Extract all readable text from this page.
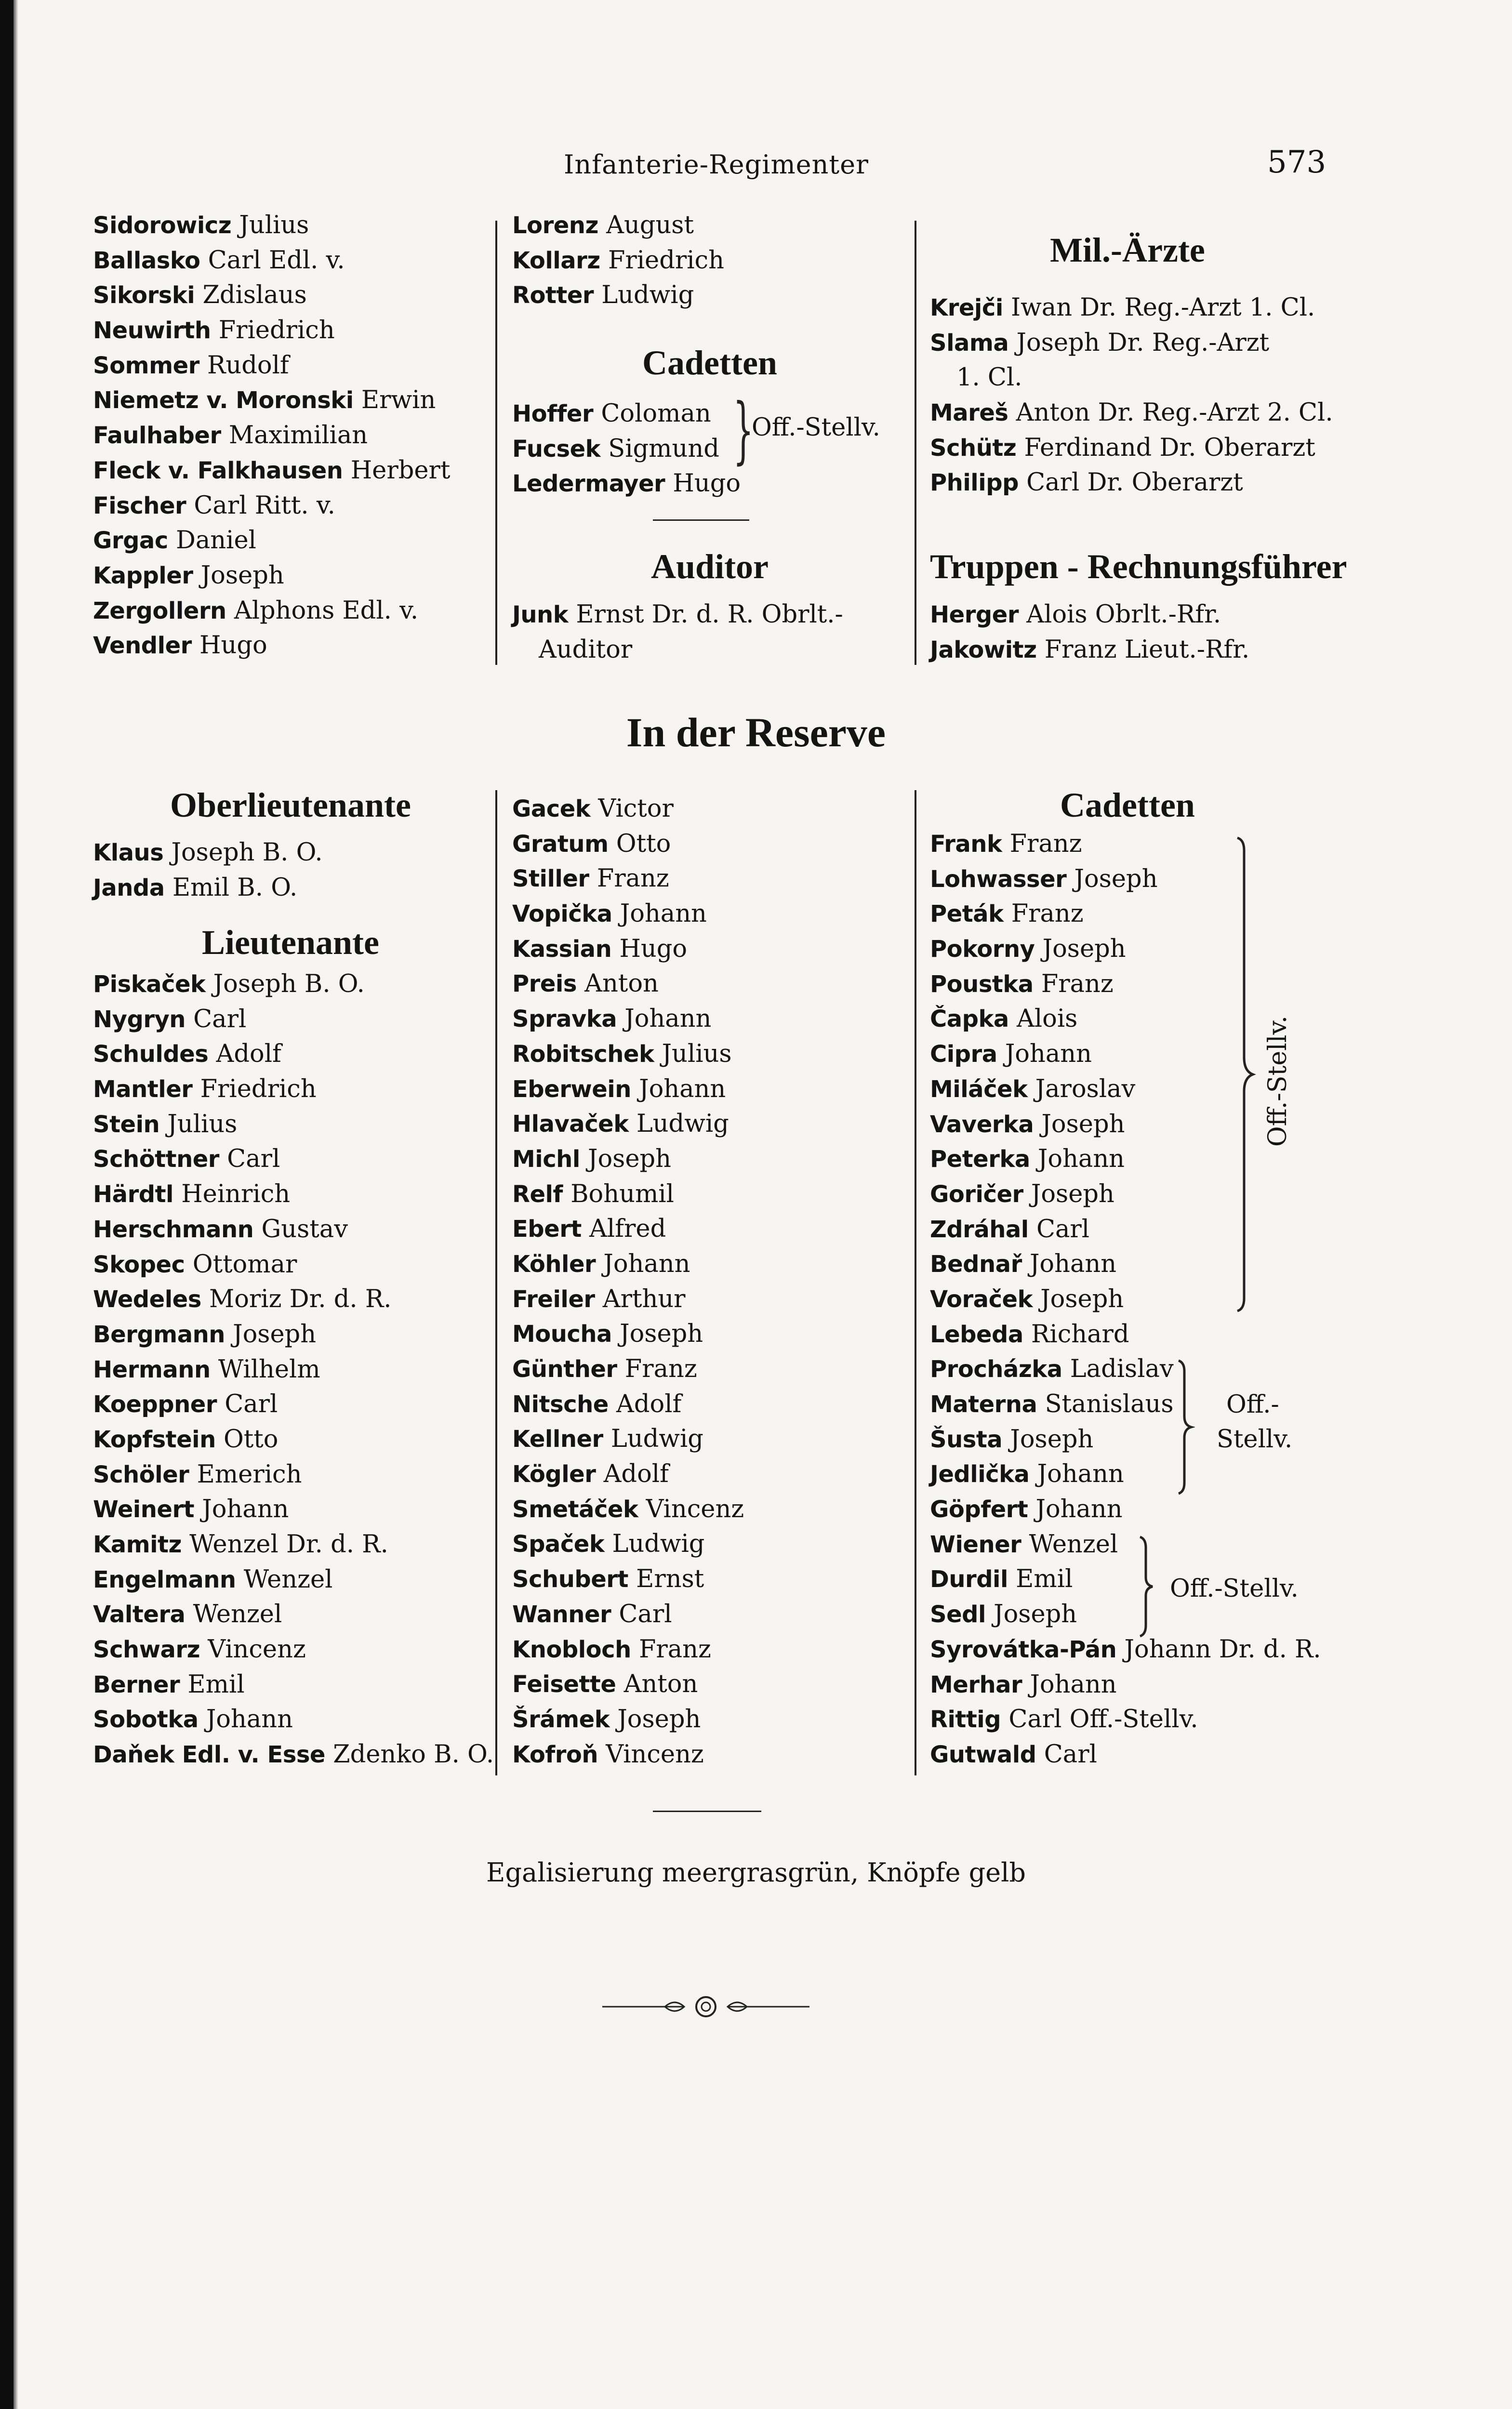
Infanterie-Regimenter	573
Sidorowicz Julius
Ballasko Carl Edl. v.
Sikorski Zdislaus
Neuwirth Friedrich
Sommer Rudolf
Niemetz v. Moronski Erwin
Faulhaber Maximilian
Fleck v. Falkhausen Herbert
Fischer Carl Ritt. v.
Grgac Daniel
Kappler Joseph
Zergollern Alphons Edl. v.
Vendler Hugo
Lorenz August
Kollarz Friedrich
Rotter Ludwig
Cadetten
Hoffer Coloman
Fucsek Sigmund
Ledermayer Hugo
}
Off.-Stellv.
Auditor
Junk Ernst Dr. d. R. Obrlt.-
Auditor
Mil.-Ärzte
Krejči Iwan Dr. Reg.-Arzt 1. Cl.
Slama Joseph Dr. Reg.-Arzt
1. Cl.
Mareš Anton Dr. Reg.-Arzt 2. Cl.
Schütz Ferdinand Dr. Oberarzt
Philipp Carl Dr. Oberarzt
Truppen - Rechnungsführer
Herger Alois Obrlt.-Rfr.
Jakowitz Franz Lieut.-Rfr.
In der Reserve
Oberlieutenante
Klaus Joseph B. O.
Janda Emil B. O.
Lieutenante
Piskaček Joseph B. O.
Nygryn Carl
Schuldes Adolf
Mantler Friedrich
Stein Julius
Schöttner Carl
Härdtl Heinrich
Herschmann Gustav
Skopec Ottomar
Wedeles Moriz Dr. d. R.
Bergmann Joseph
Hermann Wilhelm
Koeppner Carl
Kopfstein Otto
Schöler Emerich
Weinert Johann
Kamitz Wenzel Dr. d. R.
Engelmann Wenzel
Valtera Wenzel
Schwarz Vincenz
Berner Emil
Sobotka Johann
Daňek Edl. v. Esse Zdenko B. O.
Gacek Victor
Gratum Otto
Stiller Franz
Vopička Johann
Kassian Hugo
Preis Anton
Spravka Johann
Robitschek Julius
Eberwein Johann
Hlavaček Ludwig
Michl Joseph
Relf Bohumil
Ebert Alfred
Köhler Johann
Freiler Arthur
Moucha Joseph
Günther Franz
Nitsche Adolf
Kellner Ludwig
Kögler Adolf
Smetáček Vincenz
Spaček Ludwig
Schubert Ernst
Wanner Carl
Knobloch Franz
Feisette Anton
Šrámek Joseph
Kofroň Vincenz
Cadetten
Frank Franz
Lohwasser Joseph
Peták Franz
Pokorny Joseph
Poustka Franz
Čapka Alois
Cipra Johann
Miláček Jaroslav
Vaverka Joseph
Peterka Johann
Goričer Joseph
Zdráhal Carl
Bednař Johann
Voraček Joseph
Lebeda Richard
Procházka Ladislav
Materna Stanislaus
Šusta Joseph
Jedlička Johann
Göpfert Johann
Wiener Wenzel
Durdil Emil
Sedl Joseph
Syrovátka-Pán Johann Dr. d. R.
Merhar Johann
Rittig Carl Off.-Stellv.
Gutwald Carl
Off.-Stellv.
Off.-
Stellv.
Off.-Stellv.
Egalisierung meergrasgrün, Knöpfe gelb
